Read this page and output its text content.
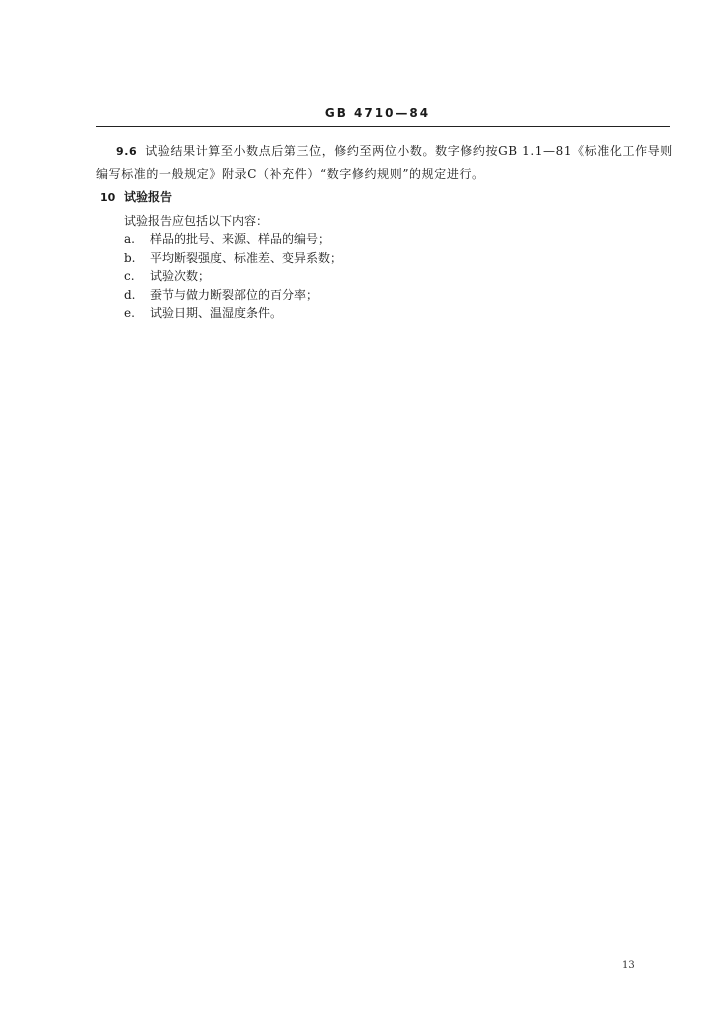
GB 4710—84
9.6 试验结果计算至小数点后第三位，修约至两位小数。数字修约按GB 1.1—81《标准化工作导则 编写标准的一般规定》附录C（补充件）“数字修约规则”的规定进行。
10 试验报告
试验报告应包括以下内容：
a. 样品的批号、来源、样品的编号；
b. 平均断裂强度、标准差、变异系数；
c. 试验次数；
d. 蚕节与做力断裂部位的百分率；
e. 试验日期、温湿度条件。
13
